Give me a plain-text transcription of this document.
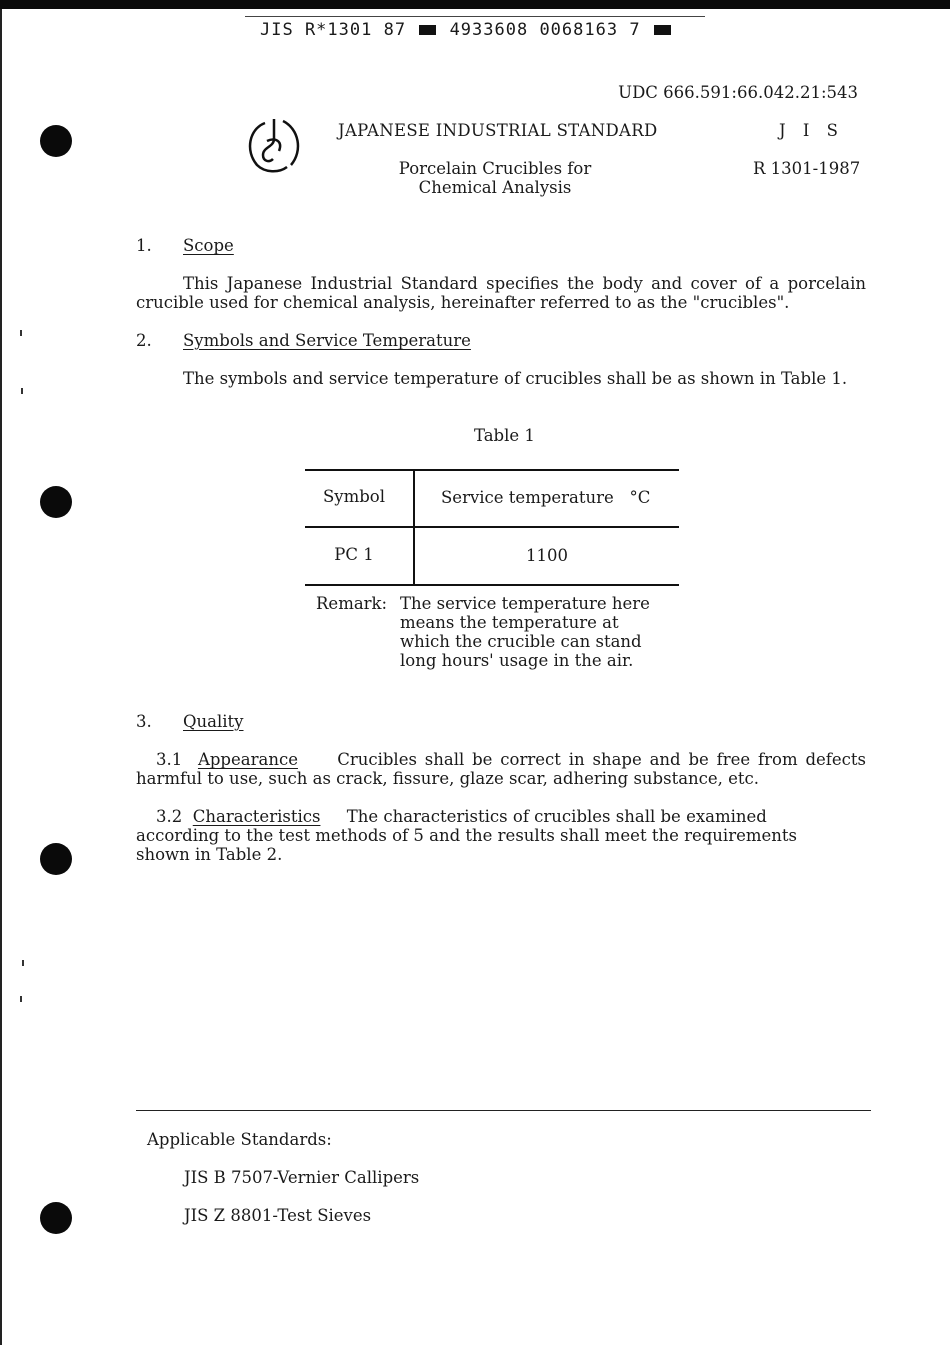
JIS R*1301 87	4933608 0068163 7
UDC 666.591:66.042.21:543
JAPANESE INDUSTRIAL STANDARD	J I S
Porcelain Crucibles for
Chemical Analysis
R 1301-1987
1. Scope
This Japanese Industrial Standard specifies the body and cover of a porcelain crucible used for chemical analysis, hereinafter referred to as the "crucibles".
2. Symbols and Service Temperature
The symbols and service temperature of crucibles shall be as shown in Table 1.
Table 1
Symbol	Service temperature   °C
PC 1	1100
Remark: The service temperature here means the temperature at which the crucible can stand long hours' usage in the air.
3. Quality
3.1 Appearance Crucibles shall be correct in shape and be free from defects harmful to use, such as crack, fissure, glaze scar, adhering substance, etc.
3.2 Characteristics The characteristics of crucibles shall be examined according to the test methods of 5 and the results shall meet the requirements shown in Table 2.
Applicable Standards:
JIS B 7507-Vernier Callipers
JIS Z 8801-Test Sieves
